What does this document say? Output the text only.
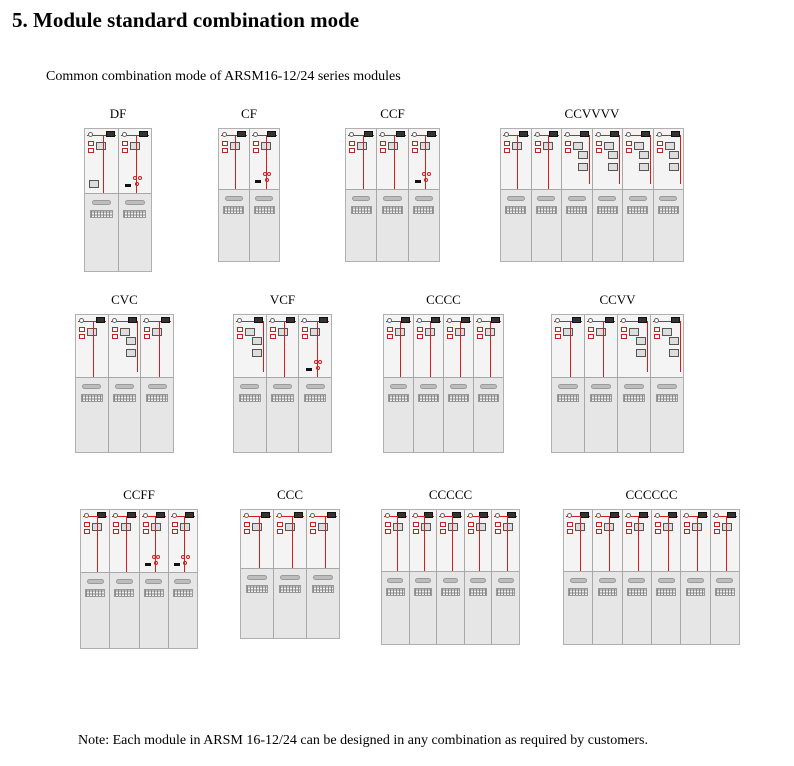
5. Module standard combination mode

Common combination mode of ARSM16-12/24 series modules

DF	CF	CCF	CCVVVV
CVC	VCF	CCCC	CCVV
CCFF	CCC	CCCCC	CCCCCC

Note: Each module in ARSM 16-12/24 can be designed in any combination as required by customers.
